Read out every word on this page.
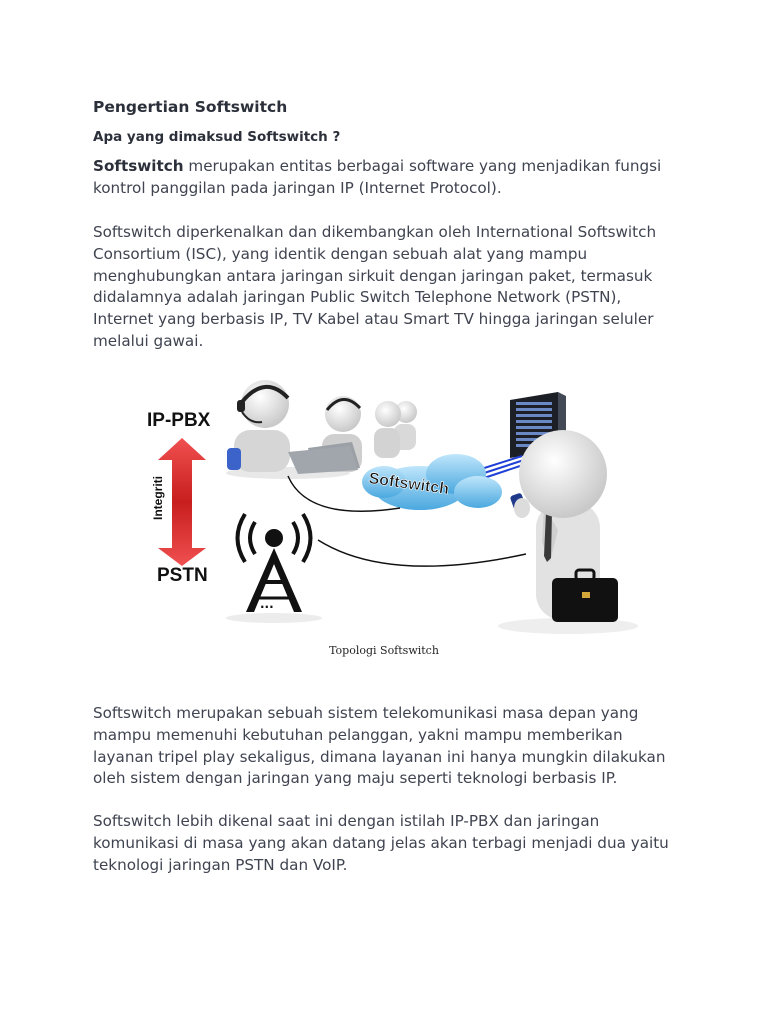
Pengertian Softswitch
Apa yang dimaksud Softswitch ?

Softswitch merupakan entitas berbagai software yang menjadikan fungsi kontrol panggilan pada jaringan IP (Internet Protocol).

Softswitch diperkenalkan dan dikembangkan oleh International Softswitch Consortium (ISC), yang identik dengan sebuah alat yang mampu menghubungkan antara jaringan sirkuit dengan jaringan paket, termasuk didalamnya adalah jaringan Public Switch Telephone Network (PSTN), Internet yang berbasis IP, TV Kabel atau Smart TV hingga jaringan seluler melalui gawai.

Softswitch merupakan sebuah sistem telekomunikasi masa depan yang mampu memenuhi kebutuhan pelanggan, yakni mampu memberikan layanan tripel play sekaligus, dimana layanan ini hanya mungkin dilakukan oleh sistem dengan jaringan yang maju seperti teknologi berbasis IP.

Softswitch lebih dikenal saat ini dengan istilah IP-PBX dan jaringan komunikasi di masa yang akan datang jelas akan terbagi menjadi dua yaitu teknologi jaringan PSTN dan VoIP.

IP-PBX
Integriti
PSTN
Softswitch
...
Topologi Softswitch
